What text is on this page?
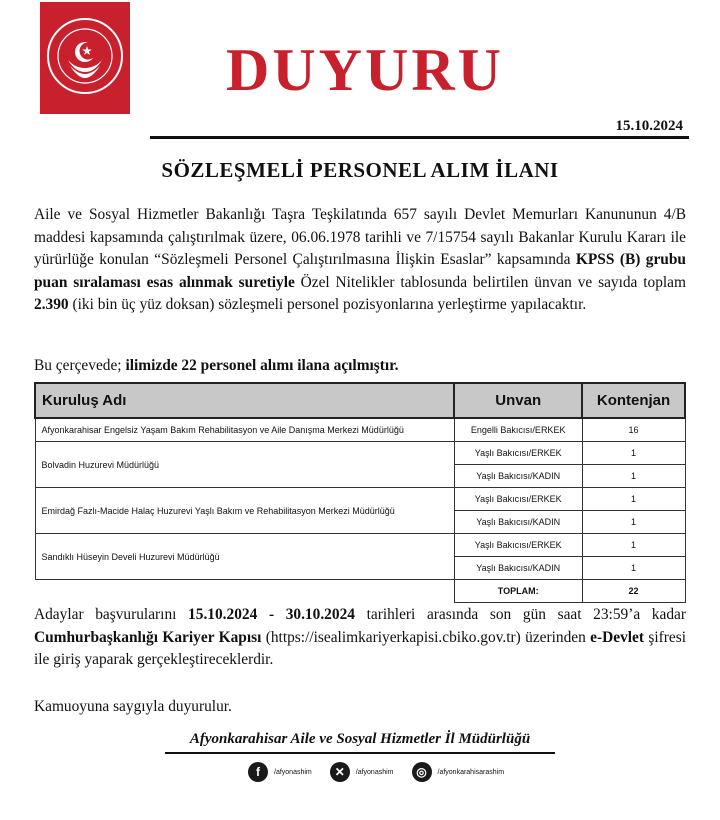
DUYURU
15.10.2024
SÖZLEŞMELİ PERSONEL ALIM İLANI

Aile ve Sosyal Hizmetler Bakanlığı Taşra Teşkilatında 657 sayılı Devlet Memurları Kanununun 4/B maddesi kapsamında çalıştırılmak üzere, 06.06.1978 tarihli ve 7/15754 sayılı Bakanlar Kurulu Kararı ile yürürlüğe konulan “Sözleşmeli Personel Çalıştırılmasına İlişkin Esaslar” kapsamında KPSS (B) grubu puan sıralaması esas alınmak suretiyle Özel Nitelikler tablosunda belirtilen ünvan ve sayıda toplam 2.390 (iki bin üç yüz doksan) sözleşmeli personel pozisyonlarına yerleştirme yapılacaktır.

Bu çerçevede; ilimizde 22 personel alımı ilana açılmıştır.

Kuruluş Adı	Unvan	Kontenjan
Afyonkarahisar Engelsiz Yaşam Bakım Rehabilitasyon ve Aile Danışma Merkezi Müdürlüğü	Engelli Bakıcısı/ERKEK	16
Bolvadin Huzurevi Müdürlüğü	Yaşlı Bakıcısı/ERKEK	1
	Yaşlı Bakıcısı/KADIN	1
Emirdağ Fazlı-Macide Halaç Huzurevi Yaşlı Bakım ve Rehabilitasyon Merkezi Müdürlüğü	Yaşlı Bakıcısı/ERKEK	1
	Yaşlı Bakıcısı/KADIN	1
Sandıklı Hüseyin Develi Huzurevi Müdürlüğü	Yaşlı Bakıcısı/ERKEK	1
	Yaşlı Bakıcısı/KADIN	1
	TOPLAM:	22

Adaylar başvurularını 15.10.2024 - 30.10.2024 tarihleri arasında son gün saat 23:59’a kadar Cumhurbaşkanlığı Kariyer Kapısı (https://isealimkariyerkapisi.cbiko.gov.tr) üzerinden e-Devlet şifresi ile giriş yaparak gerçekleştireceklerdir.

Kamuoyuna saygıyla duyurulur.

Afyonkarahisar Aile ve Sosyal Hizmetler İl Müdürlüğü
f	/afyonashim	✕	/afyonashim	◎	/afyonkarahisarashim
